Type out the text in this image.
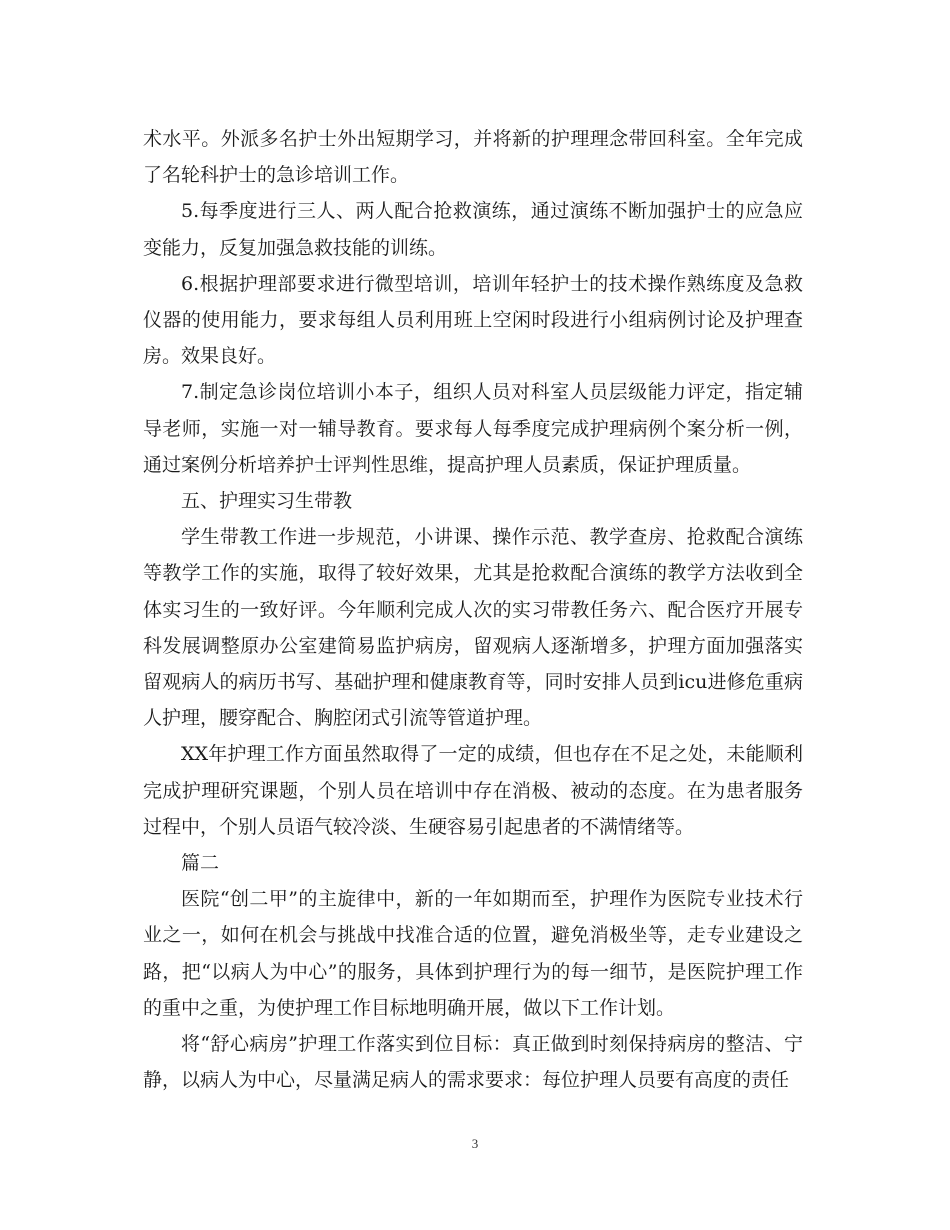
术水平。外派多名护士外出短期学习，并将新的护理理念带回科室。全年完成了名轮科护士的急诊培训工作。

5.每季度进行三人、两人配合抢救演练，通过演练不断加强护士的应急应变能力，反复加强急救技能的训练。

6.根据护理部要求进行微型培训，培训年轻护士的技术操作熟练度及急救仪器的使用能力，要求每组人员利用班上空闲时段进行小组病例讨论及护理查房。效果良好。

7.制定急诊岗位培训小本子，组织人员对科室人员层级能力评定，指定辅导老师，实施一对一辅导教育。要求每人每季度完成护理病例个案分析一例，通过案例分析培养护士评判性思维，提高护理人员素质，保证护理质量。

五、护理实习生带教

学生带教工作进一步规范，小讲课、操作示范、教学查房、抢救配合演练等教学工作的实施，取得了较好效果，尤其是抢救配合演练的教学方法收到全体实习生的一致好评。今年顺利完成人次的实习带教任务六、配合医疗开展专科发展调整原办公室建简易监护病房，留观病人逐渐增多，护理方面加强落实留观病人的病历书写、基础护理和健康教育等，同时安排人员到icu进修危重病人护理，腰穿配合、胸腔闭式引流等管道护理。

XX年护理工作方面虽然取得了一定的成绩，但也存在不足之处，未能顺利完成护理研究课题，个别人员在培训中存在消极、被动的态度。在为患者服务过程中，个别人员语气较冷淡、生硬容易引起患者的不满情绪等。

篇二

医院“创二甲”的主旋律中，新的一年如期而至，护理作为医院专业技术行业之一，如何在机会与挑战中找准合适的位置，避免消极坐等，走专业建设之路，把“以病人为中心”的服务，具体到护理行为的每一细节，是医院护理工作的重中之重，为使护理工作目标地明确开展，做以下工作计划。

将“舒心病房”护理工作落实到位目标：真正做到时刻保持病房的整洁、宁静，以病人为中心，尽量满足病人的需求要求：每位护理人员要有高度的责任

3
